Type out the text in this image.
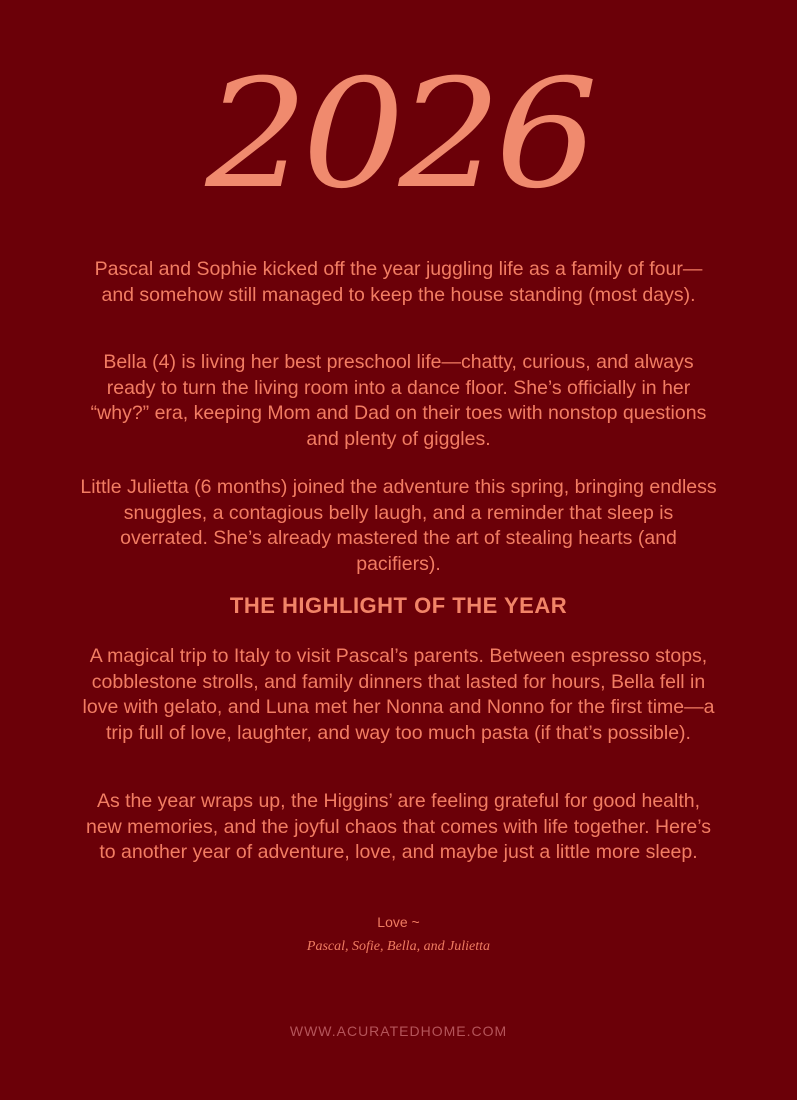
2026

Pascal and Sophie kicked off the year juggling life as a family of four—and somehow still managed to keep the house standing (most days).

Bella (4) is living her best preschool life—chatty, curious, and always ready to turn the living room into a dance floor. She’s officially in her “why?” era, keeping Mom and Dad on their toes with nonstop questions and plenty of giggles.

Little Julietta (6 months) joined the adventure this spring, bringing endless snuggles, a contagious belly laugh, and a reminder that sleep is overrated. She’s already mastered the art of stealing hearts (and pacifiers).

THE HIGHLIGHT OF THE YEAR

A magical trip to Italy to visit Pascal’s parents. Between espresso stops, cobblestone strolls, and family dinners that lasted for hours, Bella fell in love with gelato, and Luna met her Nonna and Nonno for the first time—a trip full of love, laughter, and way too much pasta (if that’s possible).

As the year wraps up, the Higgins’ are feeling grateful for good health, new memories, and the joyful chaos that comes with life together. Here’s to another year of adventure, love, and maybe just a little more sleep.

Love ~
Pascal, Sofie, Bella, and Julietta
WWW.ACURATEDHOME.COM
